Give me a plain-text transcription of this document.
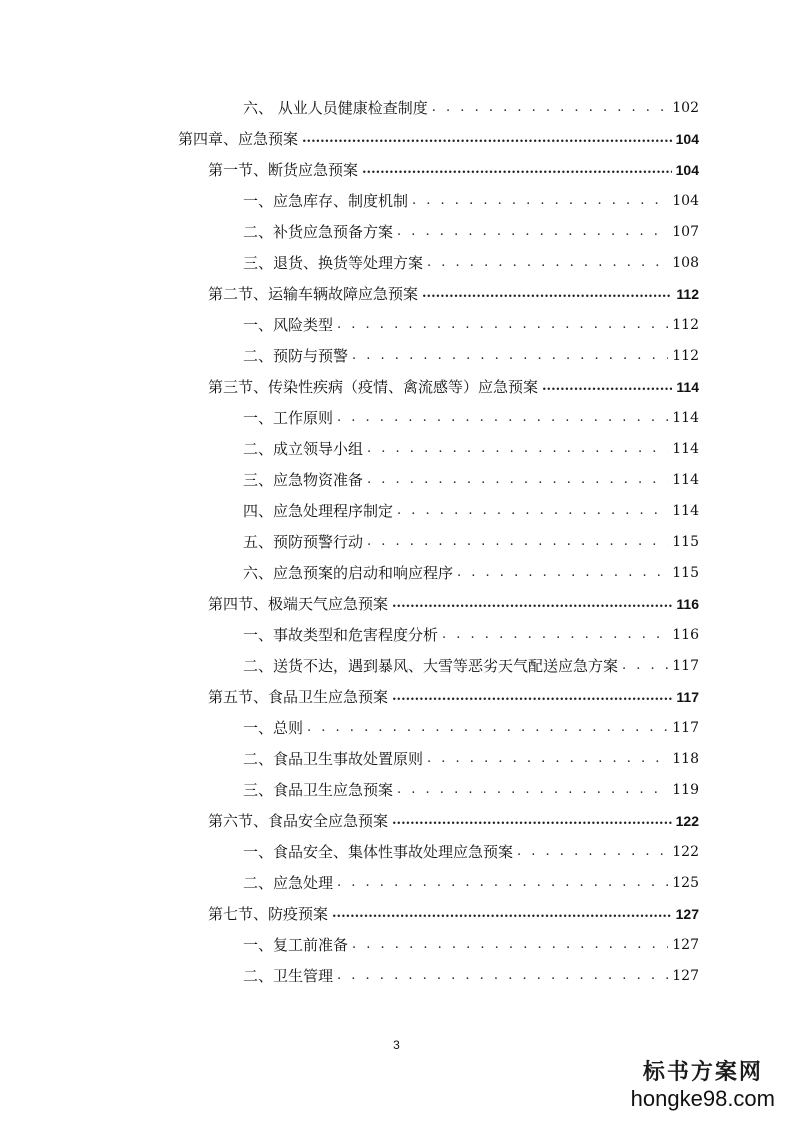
六、 从业人员健康检查制度 . . .	102
第四章、应急预案 .....	104
第一节、断货应急预案 .....	104
一、应急库存、制度机制 . . .	104
二、补货应急预备方案 . . .	107
三、退货、换货等处理方案 . . .	108
第二节、运输车辆故障应急预案 .....	112
一、风险类型 . . .	112
二、预防与预警 . . .	112
第三节、传染性疾病（疫情、禽流感等）应急预案 .....	114
一、工作原则 . . .	114
二、成立领导小组 . . .	114
三、应急物资准备 . . .	114
四、应急处理程序制定 . . .	114
五、预防预警行动 . . .	115
六、应急预案的启动和响应程序 . . .	115
第四节、极端天气应急预案 .....	116
一、事故类型和危害程度分析 . . .	116
二、送货不达，遇到暴风、大雪等恶劣天气配送应急方案 . . .	117
第五节、食品卫生应急预案 .....	117
一、总则 . . .	117
二、食品卫生事故处置原则 . . .	118
三、食品卫生应急预案 . . .	119
第六节、食品安全应急预案 .....	122
一、食品安全、集体性事故处理应急预案 . . .	122
二、应急处理 . . .	125
第七节、防疫预案 .....	127
一、复工前准备 . . .	127
二、卫生管理 . . .	127
3
标书方案网
hongke98.com
